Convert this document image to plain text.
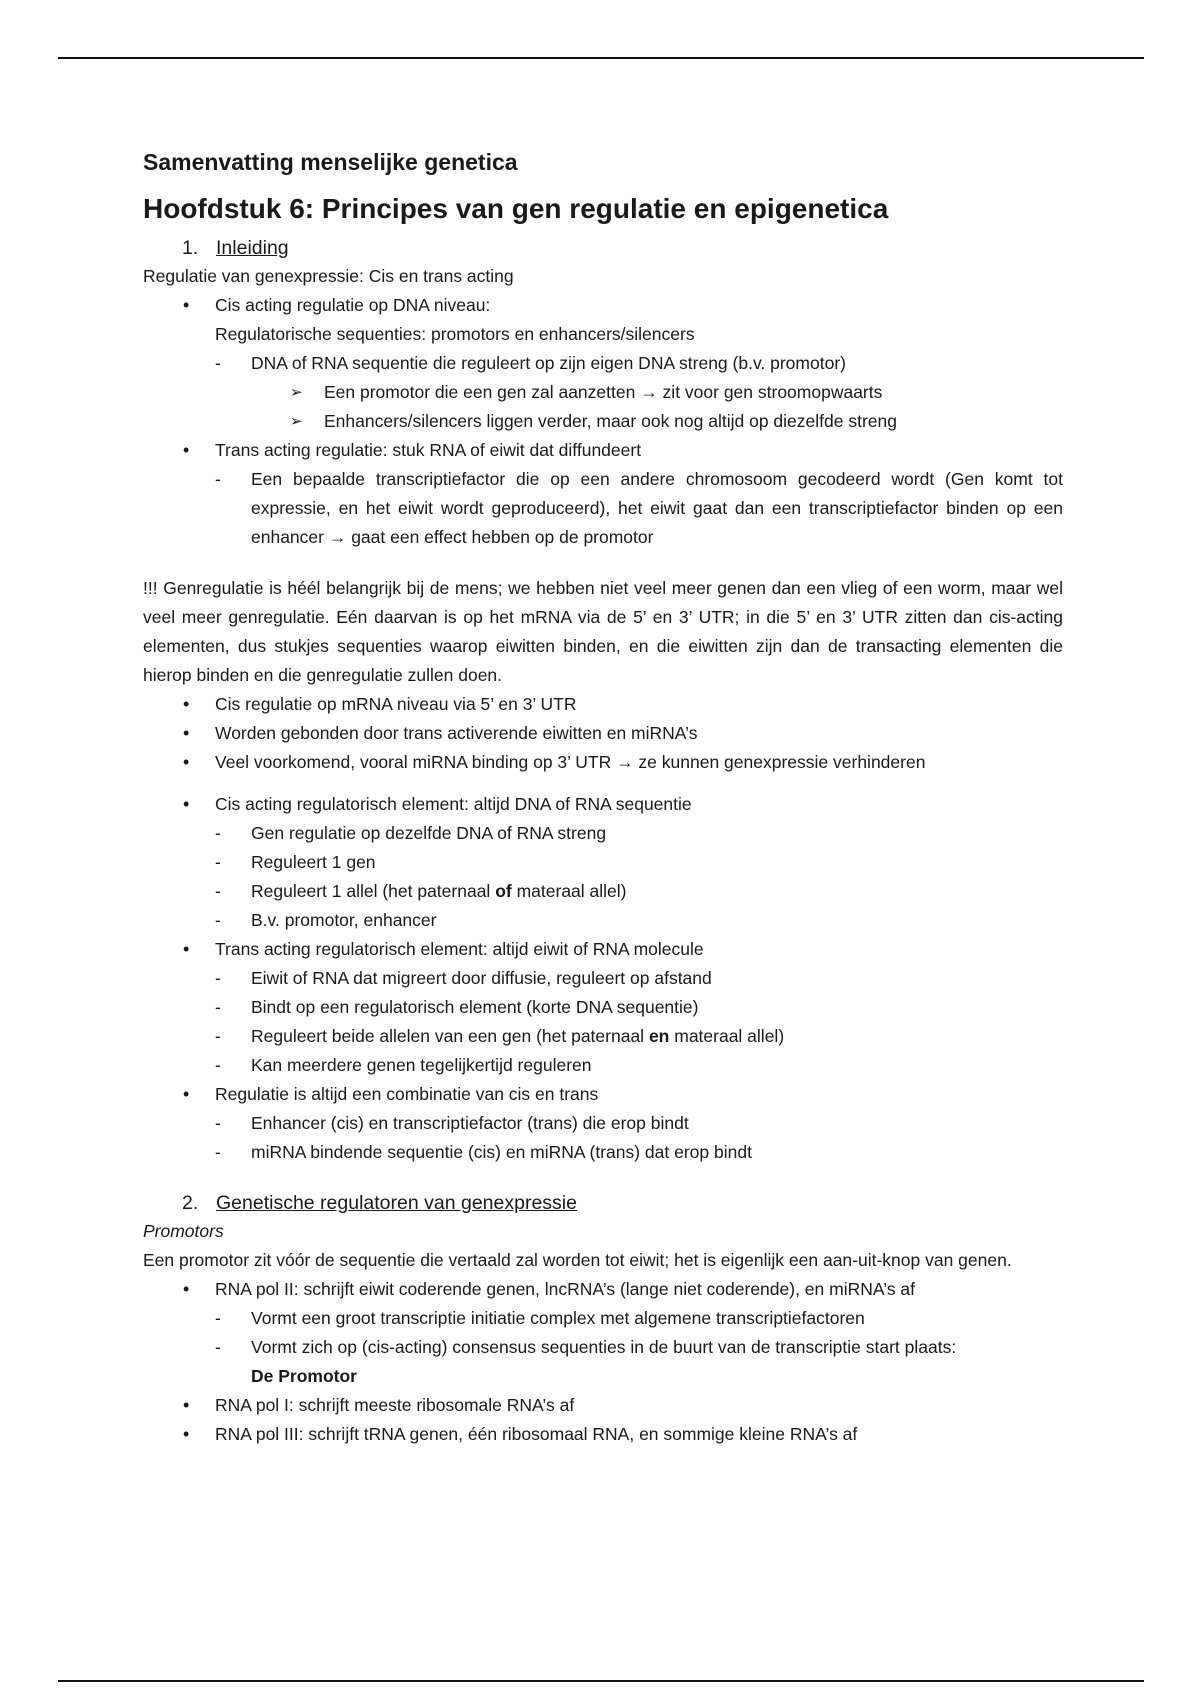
Samenvatting menselijke genetica
Hoofdstuk 6: Principes van gen regulatie en epigenetica
1. Inleiding

Regulatie van genexpressie: Cis en trans acting

•
Cis acting regulatie op DNA niveau:
Regulatorische sequenties: promotors en enhancers/silencers
- DNA of RNA sequentie die reguleert op zijn eigen DNA streng (b.v. promotor)
➢ Een promotor die een gen zal aanzetten → zit voor gen stroomopwaarts
➢ Enhancers/silencers liggen verder, maar ook nog altijd op diezelfde streng
•
Trans acting regulatie: stuk RNA of eiwit dat diffundeert
- Een bepaalde transcriptiefactor die op een andere chromosoom gecodeerd wordt (Gen komt tot expressie, en het eiwit wordt geproduceerd), het eiwit gaat dan een transcriptiefactor binden op een enhancer → gaat een effect hebben op de promotor

!!! Genregulatie is héél belangrijk bij de mens; we hebben niet veel meer genen dan een vlieg of een worm, maar wel veel meer genregulatie. Eén daarvan is op het mRNA via de 5’ en 3’ UTR; in die 5’ en 3’ UTR zitten dan cis-acting elementen, dus stukjes sequenties waarop eiwitten binden, en die eiwitten zijn dan de transacting elementen die hierop binden en die genregulatie zullen doen.

•
Cis regulatie op mRNA niveau via 5’ en 3’ UTR
•
Worden gebonden door trans activerende eiwitten en miRNA’s
•
Veel voorkomend, vooral miRNA binding op 3’ UTR → ze kunnen genexpressie verhinderen
•
Cis acting regulatorisch element: altijd DNA of RNA sequentie
- Gen regulatie op dezelfde DNA of RNA streng
- Reguleert 1 gen
- Reguleert 1 allel (het paternaal of materaal allel)
- B.v. promotor, enhancer
•
Trans acting regulatorisch element: altijd eiwit of RNA molecule
- Eiwit of RNA dat migreert door diffusie, reguleert op afstand
- Bindt op een regulatorisch element (korte DNA sequentie)
- Reguleert beide allelen van een gen (het paternaal en materaal allel)
- Kan meerdere genen tegelijkertijd reguleren
•
Regulatie is altijd een combinatie van cis en trans
- Enhancer (cis) en transcriptiefactor (trans) die erop bindt
- miRNA bindende sequentie (cis) en miRNA (trans) dat erop bindt
2. Genetische regulatoren van genexpressie

Promotors

Een promotor zit vóór de sequentie die vertaald zal worden tot eiwit; het is eigenlijk een aan-uit-knop van genen.

•
RNA pol II: schrijft eiwit coderende genen, lncRNA’s (lange niet coderende), en miRNA’s af
- Vormt een groot transcriptie initiatie complex met algemene transcriptiefactoren
- Vormt zich op (cis-acting) consensus sequenties in de buurt van de transcriptie start plaats:
De Promotor
•
RNA pol I: schrijft meeste ribosomale RNA’s af
•
RNA pol III: schrijft tRNA genen, één ribosomaal RNA, en sommige kleine RNA’s af
